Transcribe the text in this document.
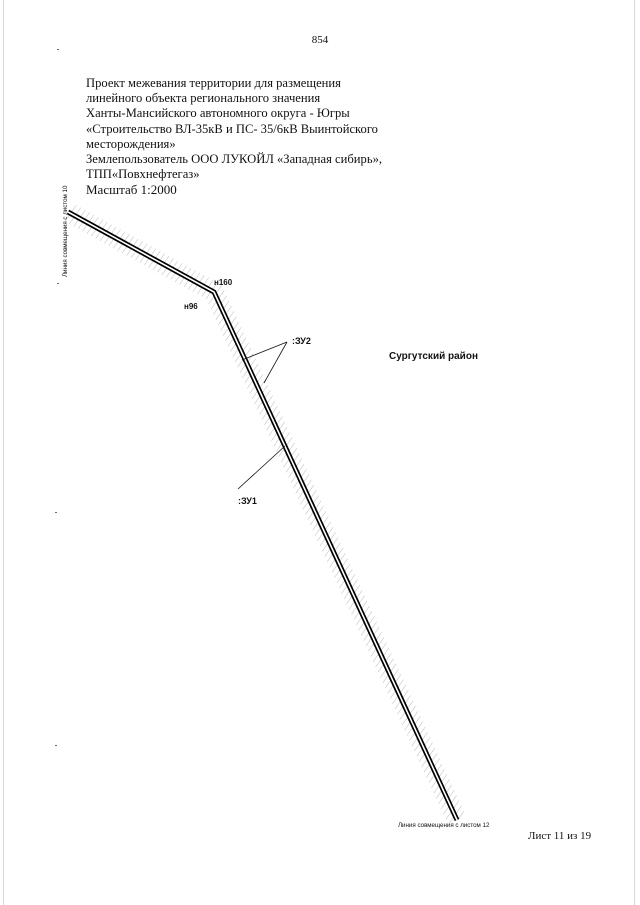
854
Проект межевания территории для размещения
линейного объекта регионального значения
Ханты-Мансийского автономного округа - Югры
«Строительство ВЛ-35кВ и ПС- 35/6кВ Выинтойского
месторождения»
Землепользователь ООО ЛУКОЙЛ «Западная сибирь»,
ТПП«Повхнефтегаз»
Масштаб 1:2000
н160
н96
:ЗУ2
:ЗУ1
Сургутский район
Линия совмещения с листом 10
Линия совмещения с листом 12
Лист 11 из 19
